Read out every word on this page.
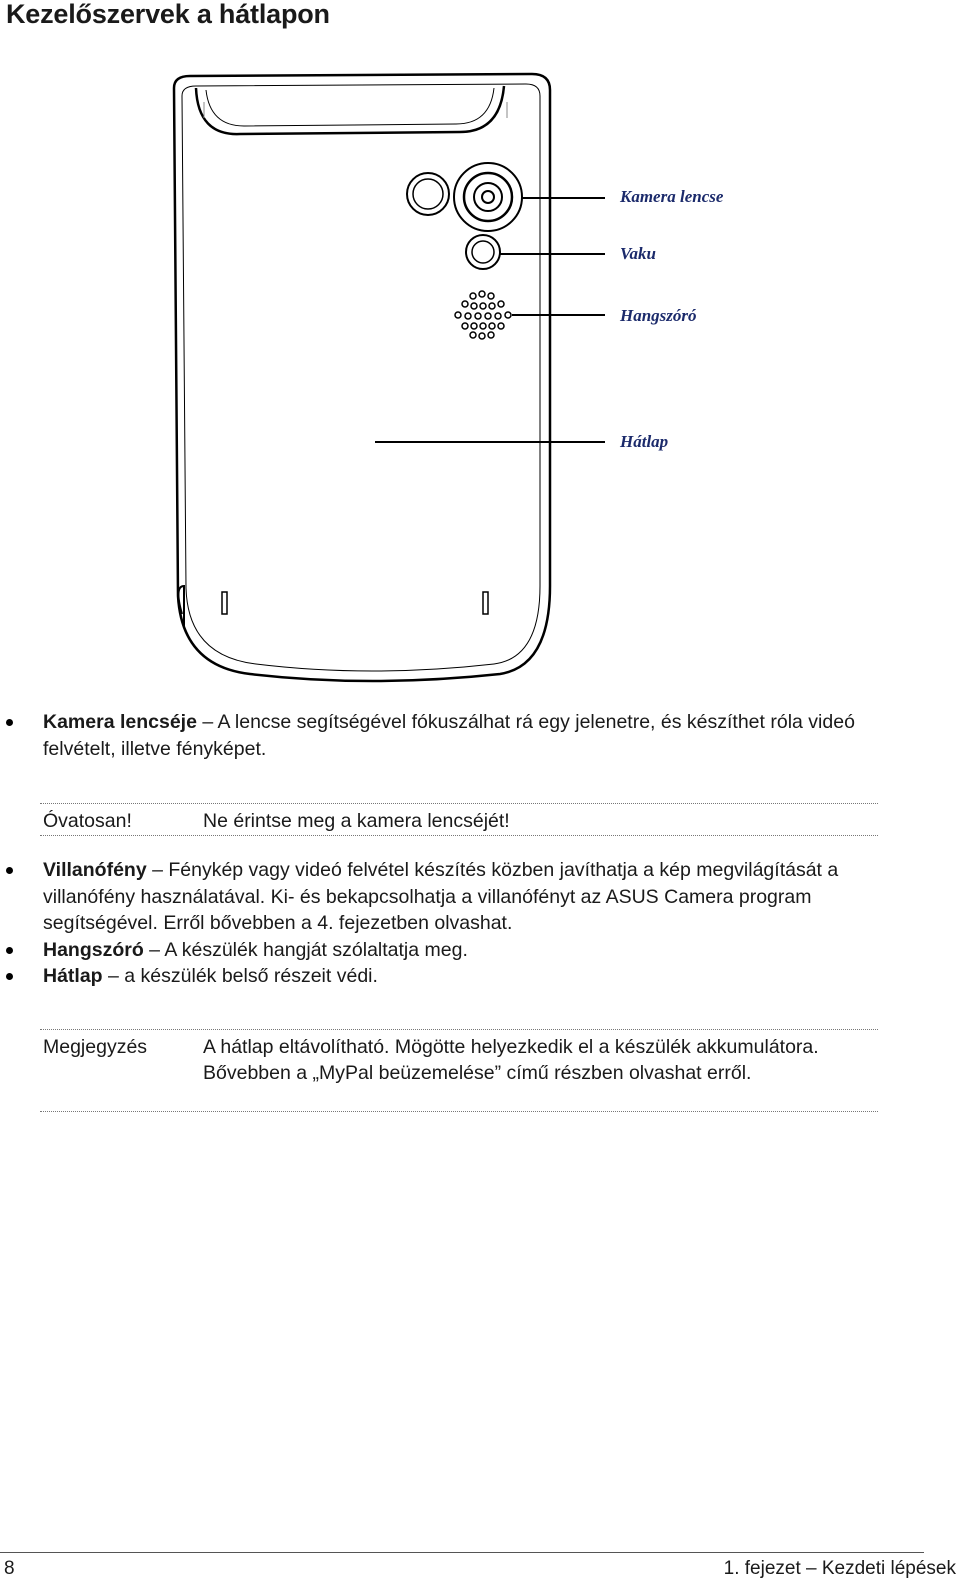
Kezelőszervek a hátlapon
Kamera lencse
Vaku
Hangszóró
Hátlap
Kamera lencséje – A lencse segítségével fókuszálhat rá egy jelenetre, és készíthet róla videó felvételt, illetve fényképet.
Óvatosan!	Ne érintse meg a kamera lencséjét!
Villanófény – Fénykép vagy videó felvétel készítés közben javíthatja a kép megvilágítását a villanófény használatával. Ki- és bekapcsolhatja a villanófényt az ASUS Camera program segítségével. Erről bővebben a 4. fejezetben olvashat.
Hangszóró – A készülék hangját szólaltatja meg.
Hátlap – a készülék belső részeit védi.
Megjegyzés	A hátlap eltávolítható. Mögötte helyezkedik el a készülék akkumulátora. Bővebben a „MyPal beüzemelése” című részben olvashat erről.
8	1. fejezet – Kezdeti lépések
